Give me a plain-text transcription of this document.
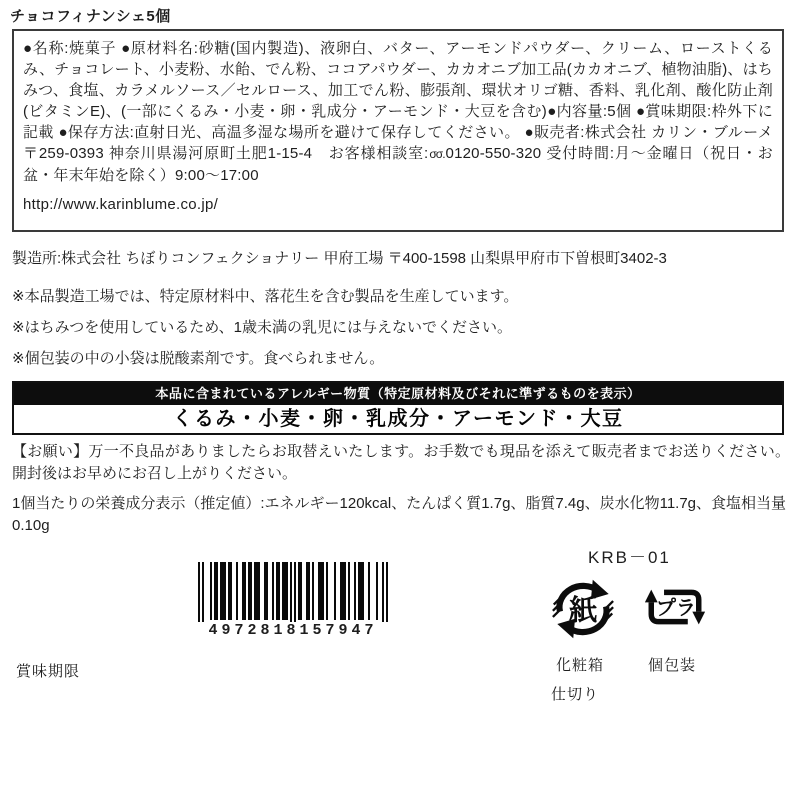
チョコフィナンシェ5個
●名称:焼菓子 ●原材料名:砂糖(国内製造)、液卵白、バター、アーモンドパウダー、クリーム、ローストくるみ、チョコレート、小麦粉、水飴、でん粉、ココアパウダー、カカオニブ加工品(カカオニブ、植物油脂)、はちみつ、食塩、カラメルソース／セルロース、加工でん粉、膨張剤、環状オリゴ糖、香料、乳化剤、酸化防止剤(ビタミンE)、(一部にくるみ・小麦・卵・乳成分・アーモンド・大豆を含む)●内容量:5個 ●賞味期限:枠外下に記載 ●保存方法:直射日光、高温多湿な場所を避けて保存してください。 ●販売者:株式会社 カリン・ブルーメ 〒259-0393 神奈川県湯河原町土肥1-15-4　お客様相談室:σσ.0120-550-320 受付時間:月～金曜日（祝日・お盆・年末年始を除く）9:00～17:00
http://www.karinblume.co.jp/
製造所:株式会社 ちぼりコンフェクショナリー 甲府工場 〒400-1598 山梨県甲府市下曽根町3402-3
※本品製造工場では、特定原材料中、落花生を含む製品を生産しています。
※はちみつを使用しているため、1歳未満の乳児には与えないでください。
※個包装の中の小袋は脱酸素剤です。食べられません。
本品に含まれているアレルギー物質（特定原材料及びそれに準ずるものを表示）
くるみ・小麦・卵・乳成分・アーモンド・大豆
【お願い】万一不良品がありましたらお取替えいたします。お手数でも現品を添えて販売者までお送りください。開封後はお早めにお召し上がりください。
1個当たりの栄養成分表示（推定値）:エネルギー120kcal、たんぱく質1.7g、脂質7.4g、炭水化物11.7g、食塩相当量0.10g
KRB－01
4972818157947
紙	プラ
化粧箱
仕切り
個包装
賞味期限
